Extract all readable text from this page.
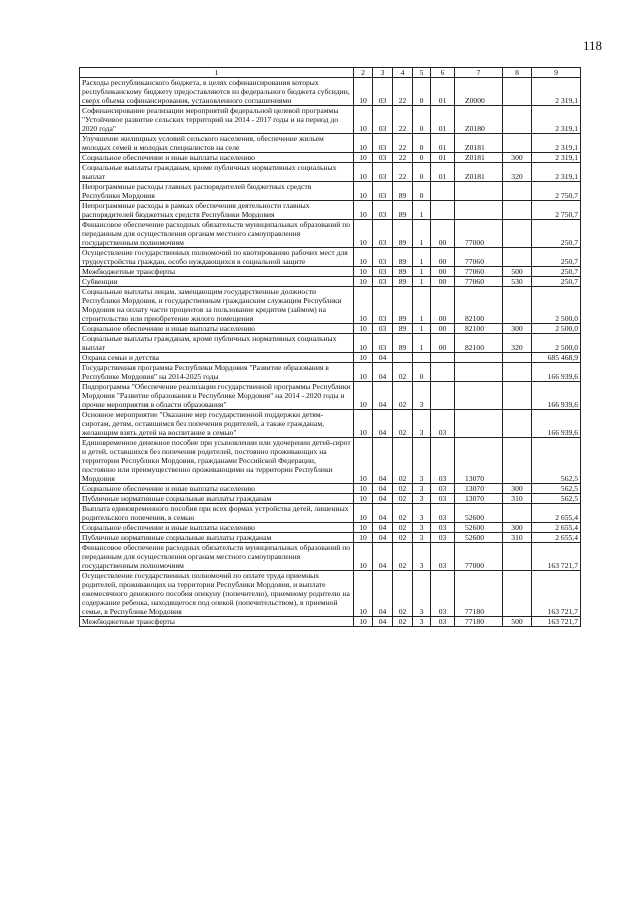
118
1	2	3	4	5	6	7	8	9
Расходы республиканского бюджета, в целях софинансирования которых республиканскому бюджету предоставляются из федерального бюджета субсидии, сверх объема софинансирования, установленного соглашениями	10	03	22	0	01	Z0000		2 319,1
Софинансирование реализации мероприятий федеральной целевой программы "Устойчивое развитие сельских территорий на 2014 - 2017 годы и на период до 2020 года"	10	03	22	0	01	Z0180		2 319,1
Улучшение жилищных условий сельского населения, обеспечение жильем молодых семей и молодых специалистов на селе	10	03	22	0	01	Z0181		2 319,1
Социальное обеспечение и иные выплаты населению	10	03	22	0	01	Z0181	300	2 319,1
Социальные выплаты гражданам, кроме публичных нормативных социальных выплат	10	03	22	0	01	Z0181	320	2 319,1
Непрограммные расходы главных распорядителей бюджетных средств Республики Мордовия	10	03	89	0				2 750,7
Непрограммные расходы в рамках обеспечения деятельности главных распорядителей бюджетных средств Республики Мордовия	10	03	89	1				2 750,7
Финансовое обеспечение расходных обязательств муниципальных образований по переданным для осуществления органам местного самоуправления государственным полномочиям	10	03	89	1	00	77000		250,7
Осуществление государственных полномочий по квотированию рабочих мест для трудоустройства граждан, особо нуждающихся в социальной защите	10	03	89	1	00	77060		250,7
Межбюджетные трансферты	10	03	89	1	00	77060	500	250,7
Субвенции	10	03	89	1	00	77060	530	250,7
Социальные выплаты лицам, замещающим государственные должности Республики Мордовия, и государственным гражданским служащим Республики Мордовия на оплату части процентов за пользование кредитом (займом) на строительство или приобретение жилого помещения	10	03	89	1	00	82100		2 500,0
Социальное обеспечение и иные выплаты населению	10	03	89	1	00	82100	300	2 500,0
Социальные выплаты гражданам, кроме публичных нормативных социальных выплат	10	03	89	1	00	82100	320	2 500,0
Охрана семьи и детства	10	04						685 468,9
Государственная программа Республики Мордовия "Развитие образования в Республике Мордовия" на 2014-2025 годы	10	04	02	0				166 939,6
Подпрограмма "Обеспечение реализации государственной программы Республики Мордовия "Развитие образования в Республике Мордовия" на 2014 - 2020 годы и прочие мероприятия в области образования"	10	04	02	3				166 939,6
Основное мероприятие "Оказание мер государственной поддержки детям-сиротам, детям, оставшимся без попечения родителей, а также гражданам, желающим взять детей на воспитание в семью"	10	04	02	3	03			166 939,6
Единовременное денежное пособие при усыновлении или удочерении детей-сирот и детей, оставшихся без попечения родителей, постоянно проживающих на территории Республики Мордовия, гражданами Российской Федерации, постоянно или преимущественно проживающими на территории Республики Мордовия	10	04	02	3	03	13070		562,5
Социальное обеспечение и иные выплаты населению	10	04	02	3	03	13070	300	562,5
Публичные нормативные социальные выплаты гражданам	10	04	02	3	03	13070	310	562,5
Выплата единовременного пособия при всех формах устройства детей, лишенных родительского попечения, в семью	10	04	02	3	03	52600		2 655,4
Социальное обеспечение и иные выплаты населению	10	04	02	3	03	52600	300	2 655,4
Публичные нормативные социальные выплаты гражданам	10	04	02	3	03	52600	310	2 655,4
Финансовое обеспечение расходных обязательств муниципальных образований по переданным для осуществления органам местного самоуправления государственным полномочиям	10	04	02	3	03	77000		163 721,7
Осуществление государственных полномочий по оплате труда приемных родителей, проживающих на территории Республики Мордовия, и выплате ежемесячного денежного пособия опекуну (попечителю), приемному родителю на содержание ребенка, находящегося под опекой (попечительством), в приемной семье, в Республике Мордовия	10	04	02	3	03	77180		163 721,7
Межбюджетные трансферты	10	04	02	3	03	77180	500	163 721,7
